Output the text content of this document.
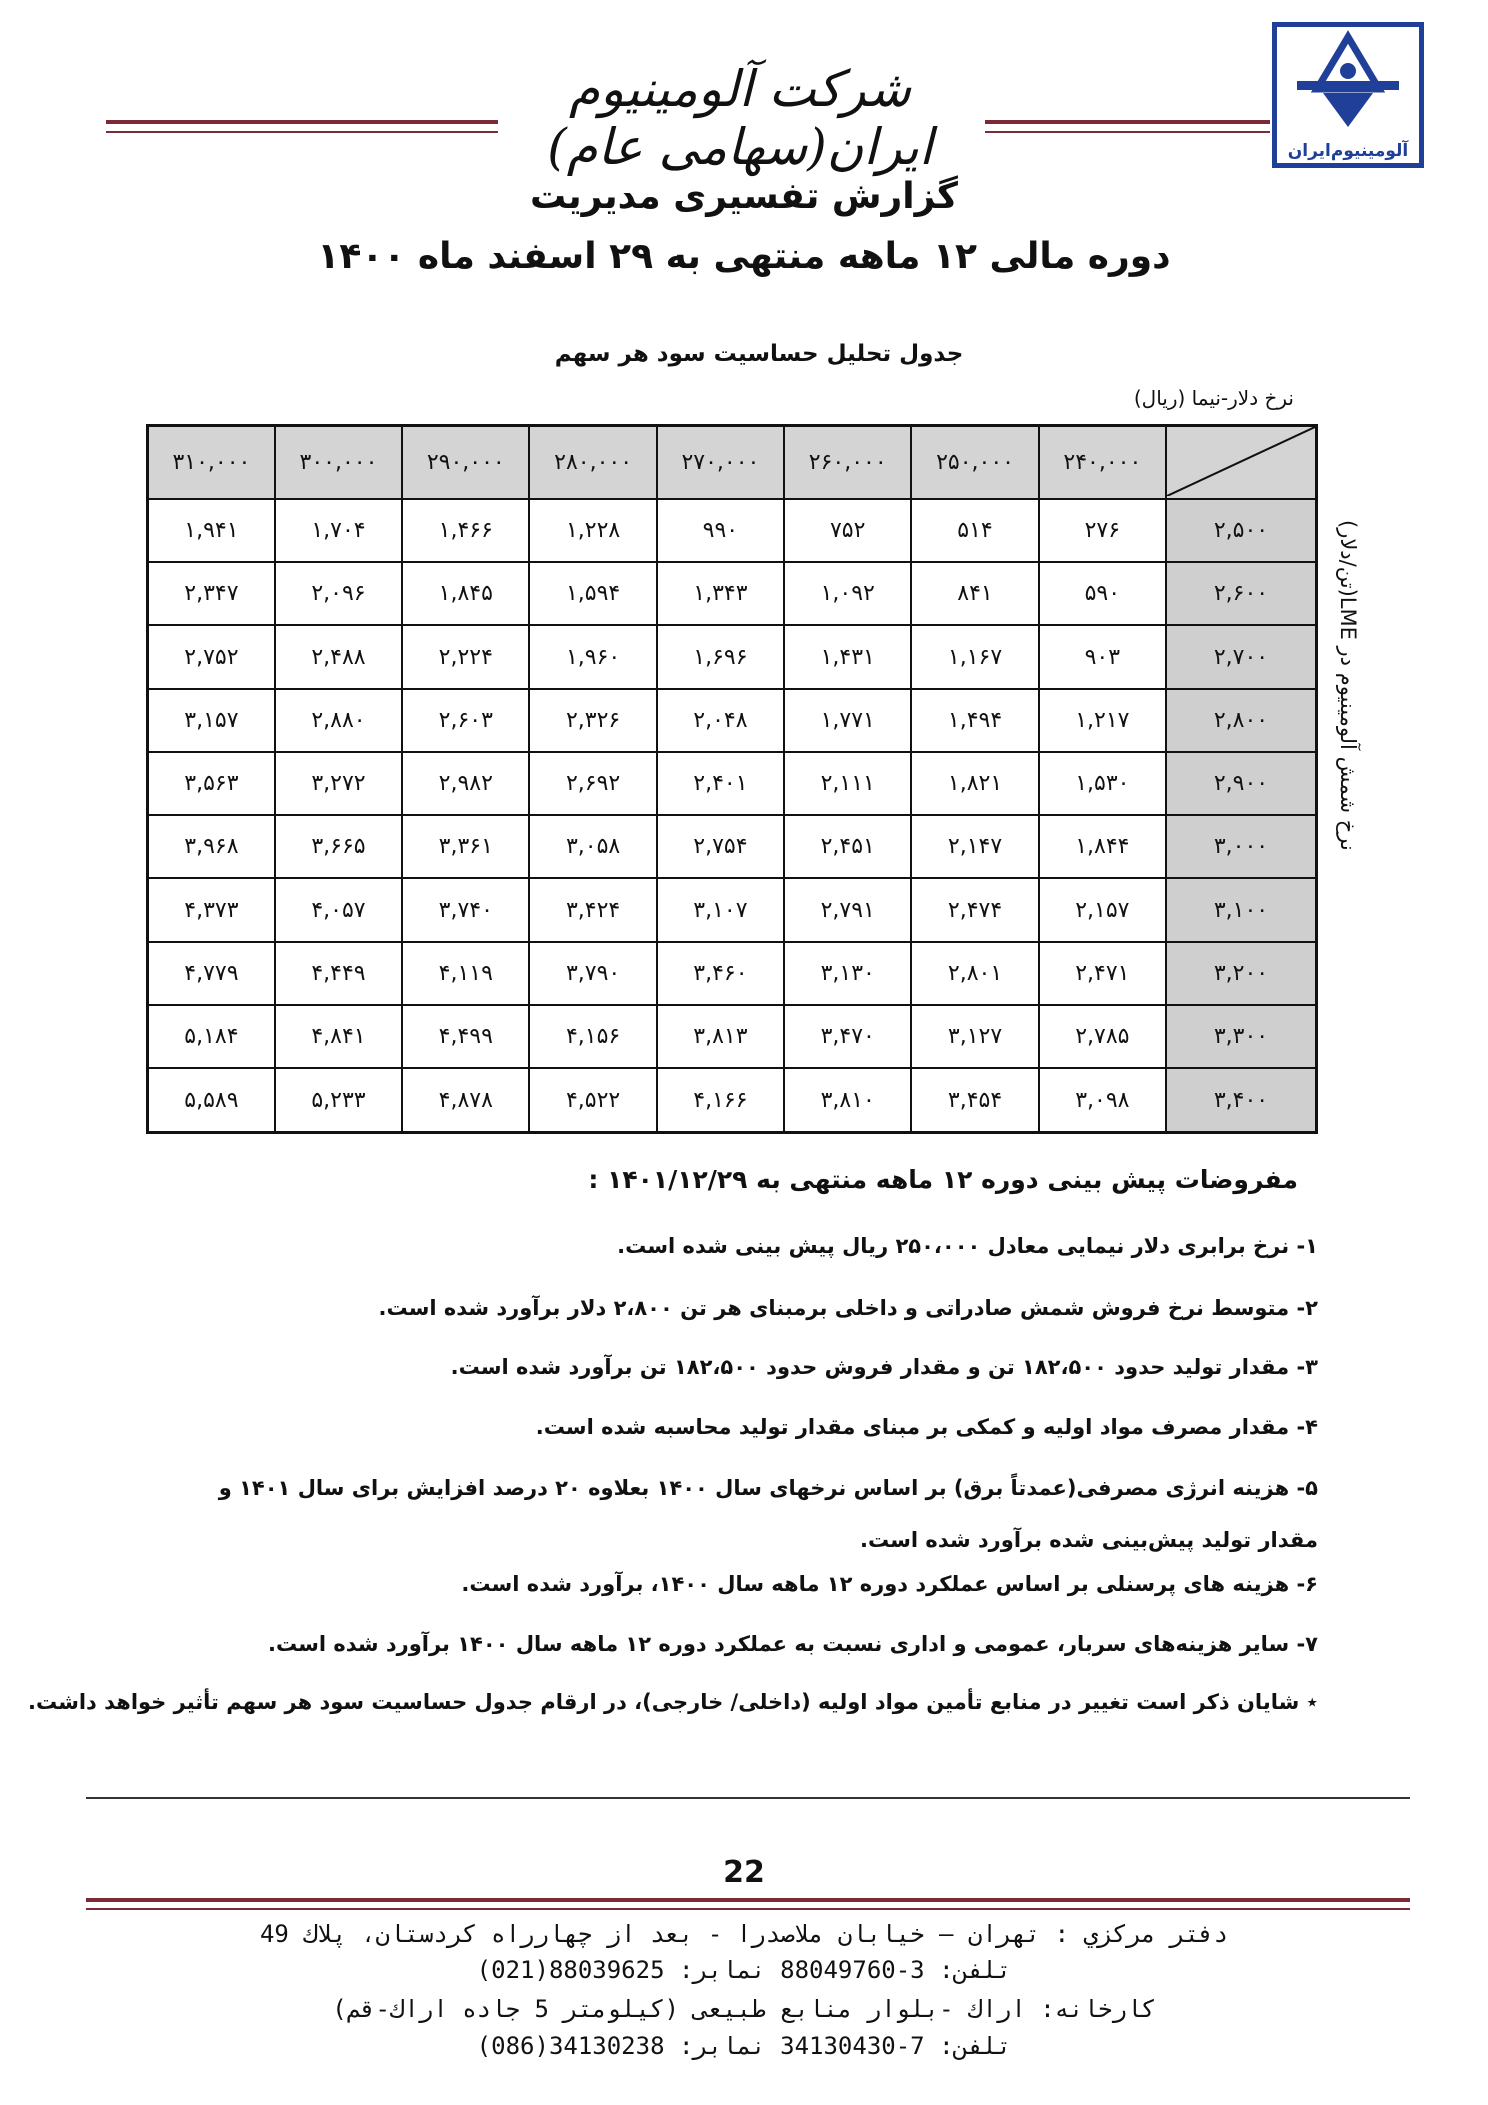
آلومینیوم‌ایران
شرکت آلومینیوم ایران(سهامی عام)
گزارش تفسیری مدیریت
دوره مالی ۱۲ ماهه منتهی به ۲۹ اسفند ماه ۱۴۰۰
جدول تحلیل حساسیت سود هر سهم
نرخ دلار-نیما (ریال)
نرخ شمش آلومینیوم در LME(تن/دلار)
	۲۴۰,۰۰۰	۲۵۰,۰۰۰	۲۶۰,۰۰۰	۲۷۰,۰۰۰	۲۸۰,۰۰۰	۲۹۰,۰۰۰	۳۰۰,۰۰۰	۳۱۰,۰۰۰
۲,۵۰۰	۲۷۶	۵۱۴	۷۵۲	۹۹۰	۱,۲۲۸	۱,۴۶۶	۱,۷۰۴	۱,۹۴۱
۲,۶۰۰	۵۹۰	۸۴۱	۱,۰۹۲	۱,۳۴۳	۱,۵۹۴	۱,۸۴۵	۲,۰۹۶	۲,۳۴۷
۲,۷۰۰	۹۰۳	۱,۱۶۷	۱,۴۳۱	۱,۶۹۶	۱,۹۶۰	۲,۲۲۴	۲,۴۸۸	۲,۷۵۲
۲,۸۰۰	۱,۲۱۷	۱,۴۹۴	۱,۷۷۱	۲,۰۴۸	۲,۳۲۶	۲,۶۰۳	۲,۸۸۰	۳,۱۵۷
۲,۹۰۰	۱,۵۳۰	۱,۸۲۱	۲,۱۱۱	۲,۴۰۱	۲,۶۹۲	۲,۹۸۲	۳,۲۷۲	۳,۵۶۳
۳,۰۰۰	۱,۸۴۴	۲,۱۴۷	۲,۴۵۱	۲,۷۵۴	۳,۰۵۸	۳,۳۶۱	۳,۶۶۵	۳,۹۶۸
۳,۱۰۰	۲,۱۵۷	۲,۴۷۴	۲,۷۹۱	۳,۱۰۷	۳,۴۲۴	۳,۷۴۰	۴,۰۵۷	۴,۳۷۳
۳,۲۰۰	۲,۴۷۱	۲,۸۰۱	۳,۱۳۰	۳,۴۶۰	۳,۷۹۰	۴,۱۱۹	۴,۴۴۹	۴,۷۷۹
۳,۳۰۰	۲,۷۸۵	۳,۱۲۷	۳,۴۷۰	۳,۸۱۳	۴,۱۵۶	۴,۴۹۹	۴,۸۴۱	۵,۱۸۴
۳,۴۰۰	۳,۰۹۸	۳,۴۵۴	۳,۸۱۰	۴,۱۶۶	۴,۵۲۲	۴,۸۷۸	۵,۲۳۳	۵,۵۸۹
مفروضات پیش بینی دوره ۱۲ ماهه منتهی به ۱۴۰۱/۱۲/۲۹ :
۱- نرخ برابری دلار نیمایی معادل ۲۵۰،۰۰۰ ریال پیش بینی شده است.
۲- متوسط نرخ فروش شمش صادراتی و داخلی برمبنای هر تن ۲،۸۰۰ دلار برآورد شده است.
۳- مقدار تولید حدود ۱۸۲،۵۰۰ تن و مقدار فروش حدود ۱۸۲،۵۰۰ تن برآورد شده است.
۴- مقدار مصرف مواد اولیه و کمکی بر مبنای مقدار تولید محاسبه شده است.
۵- هزینه انرژی مصرفی(عمدتاً برق) بر اساس نرخهای سال ۱۴۰۰ بعلاوه ۲۰ درصد افزایش برای سال ۱۴۰۱ و مقدار تولید پیش‌بینی شده برآورد شده است.
۶- هزینه های پرسنلی بر اساس عملکرد دوره ۱۲ ماهه سال ۱۴۰۰، برآورد شده است.
۷- سایر هزینه‌های سربار، عمومی و اداری نسبت به عملکرد دوره ۱۲ ماهه سال ۱۴۰۰ برآورد شده است.
٭ شایان ذکر است تغییر در منابع تأمین مواد اولیه (داخلی/ خارجی)، در ارقام جدول حساسیت سود هر سهم تأثیر خواهد داشت.
22
دفتر مرکزي : تهران – خیابان ملاصدرا - بعد از چهارراه کردستان، پلاك 49
تلفن: 3-88049760 نمابر: 88039625(021)
کارخانه: اراك -بلوار منابع طبیعی (کیلومتر 5 جاده اراك-قم)
تلفن: 7-34130430 نمابر: 34130238(086)
